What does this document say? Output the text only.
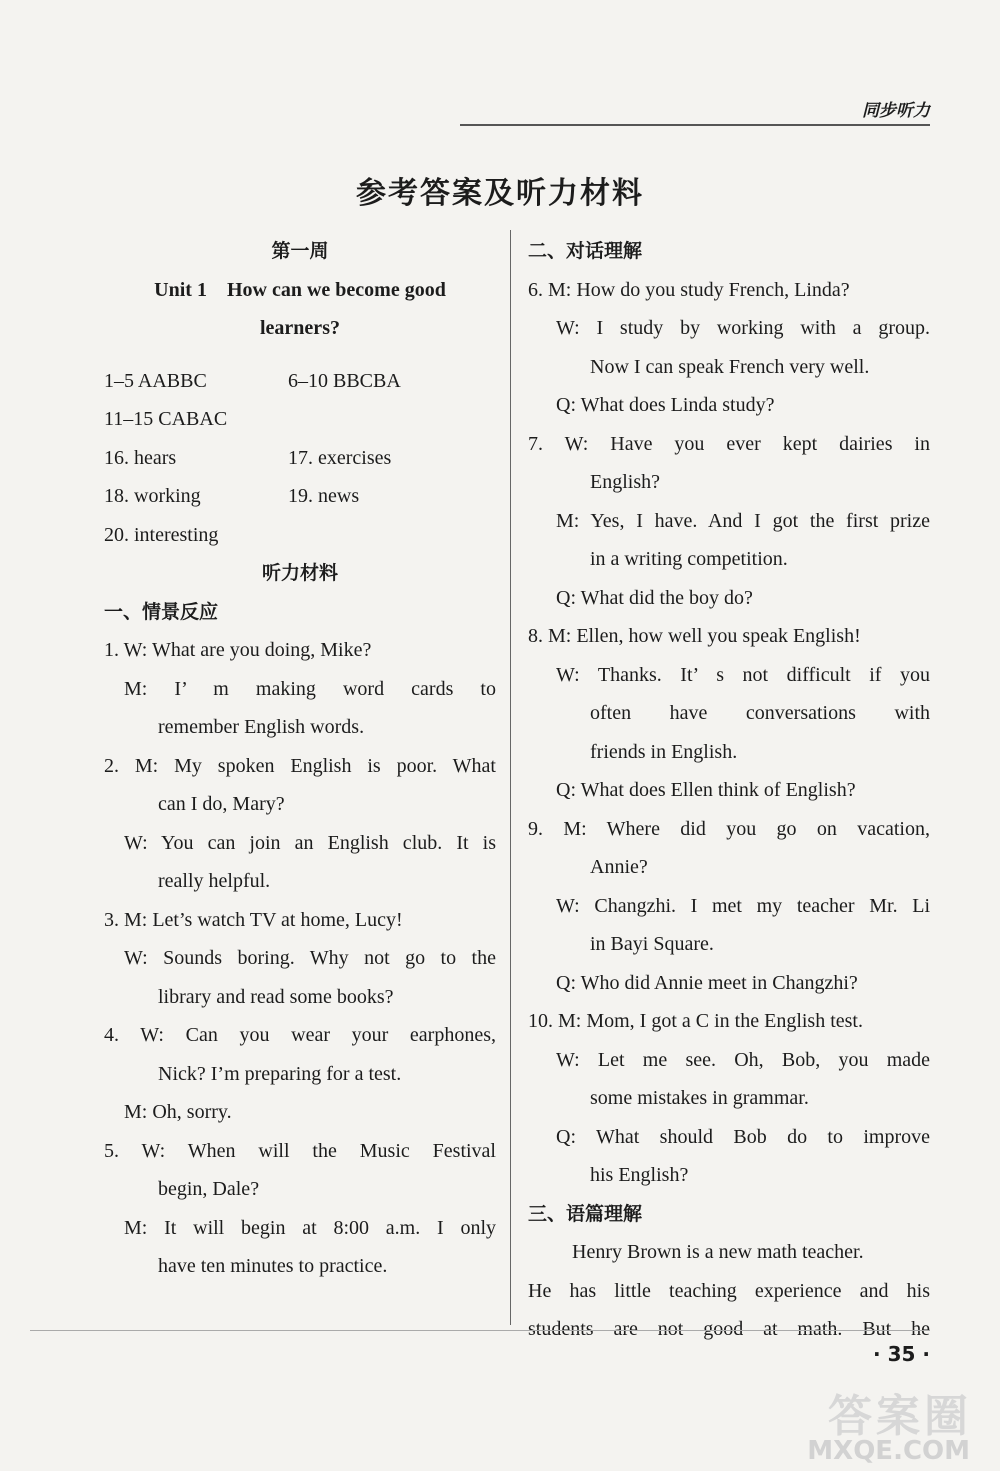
同步听力
参考答案及听力材料
第一周
Unit 1    How can we become good
learners?
1–5 AABBC	6–10 BBCBA
11–15 CABAC
16. hears	17. exercises
18. working	19. news
20. interesting
听力材料
一、情景反应
1. W: What are you doing, Mike?
M: I’ m making word cards to
remember English words.
2. M: My spoken English is poor. What
can I do, Mary?
W: You can join an English club. It is
really helpful.
3. M: Let’s watch TV at home, Lucy!
W: Sounds boring. Why not go to the
library and read some books?
4. W: Can you wear your earphones,
Nick? I’m preparing for a test.
M: Oh, sorry.
5. W: When will the Music Festival
begin, Dale?
M: It will begin at 8:00 a.m. I only
have ten minutes to practice.
二、对话理解
6. M: How do you study French, Linda?
W: I study by working with a group.
Now I can speak French very well.
Q: What does Linda study?
7. W: Have you ever kept dairies in
English?
M: Yes, I have. And I got the first prize
in a writing competition.
Q: What did the boy do?
8. M: Ellen, how well you speak English!
W: Thanks. It’ s not difficult if you
often have conversations with
friends in English.
Q: What does Ellen think of English?
9. M: Where did you go on vacation,
Annie?
W: Changzhi. I met my teacher Mr. Li
in Bayi Square.
Q: Who did Annie meet in Changzhi?
10. M: Mom, I got a C in the English test.
W: Let me see. Oh, Bob, you made
some mistakes in grammar.
Q: What should Bob do to improve
his English?
三、语篇理解
Henry Brown is a new math teacher.
He has little teaching experience and his
students are not good at math. But he
· 35 ·
答案圈
MXQE.COM
